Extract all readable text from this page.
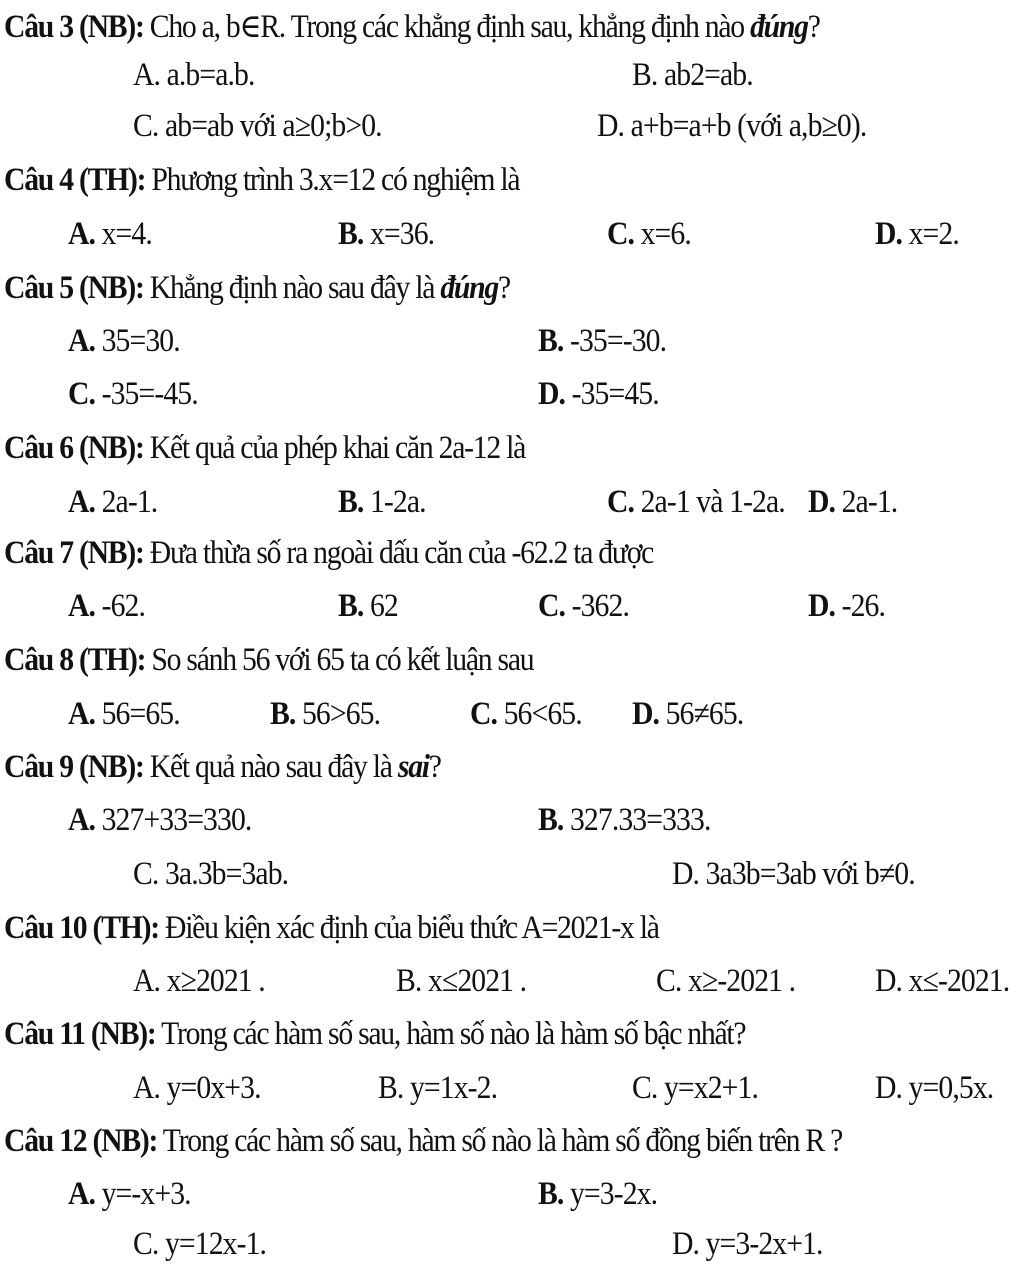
Câu 3 (NB): Cho a, b∈R. Trong các khẳng định sau, khẳng định nào đúng?
A. a.b=a.b.	B. ab2=ab.
C. ab=ab với a≥0;b>0.	D. a+b=a+b (với a,b≥0).
Câu 4 (TH): Phương trình 3.x=12 có nghiệm là
A. x=4.	B. x=36.	C. x=6.	D. x=2.
Câu 5 (NB): Khẳng định nào sau đây là đúng?
A. 35=30.	B. -35=-30.
C. -35=-45.	D. -35=45.
Câu 6 (NB): Kết quả của phép khai căn 2a-12 là
A. 2a-1.	B. 1-2a.	C. 2a-1 và 1-2a. D. 2a-1.
Câu 7 (NB): Đưa thừa số ra ngoài dấu căn của -62.2 ta được
A. -62.	B. 62	C. -362.	D. -26.
Câu 8 (TH): So sánh 56 với 65 ta có kết luận sau
A. 56=65.	B. 56>65.	C. 56<65. D. 56≠65.
Câu 9 (NB): Kết quả nào sau đây là sai?
A. 327+33=330.	B. 327.33=333.
C. 3a.3b=3ab.	D. 3a3b=3ab với b≠0.
Câu 10 (TH): Điều kiện xác định của biểu thức A=2021-x là
A. x≥2021 .	B. x≤2021 .	C. x≥-2021 . D. x≤-2021.
Câu 11 (NB): Trong các hàm số sau, hàm số nào là hàm số bậc nhất?
A. y=0x+3.	B. y=1x-2.	C. y=x2+1.	D. y=0,5x.
Câu 12 (NB): Trong các hàm số sau, hàm số nào là hàm số đồng biến trên R ?
A. y=-x+3.	B. y=3-2x.
C. y=12x-1.	D. y=3-2x+1.
